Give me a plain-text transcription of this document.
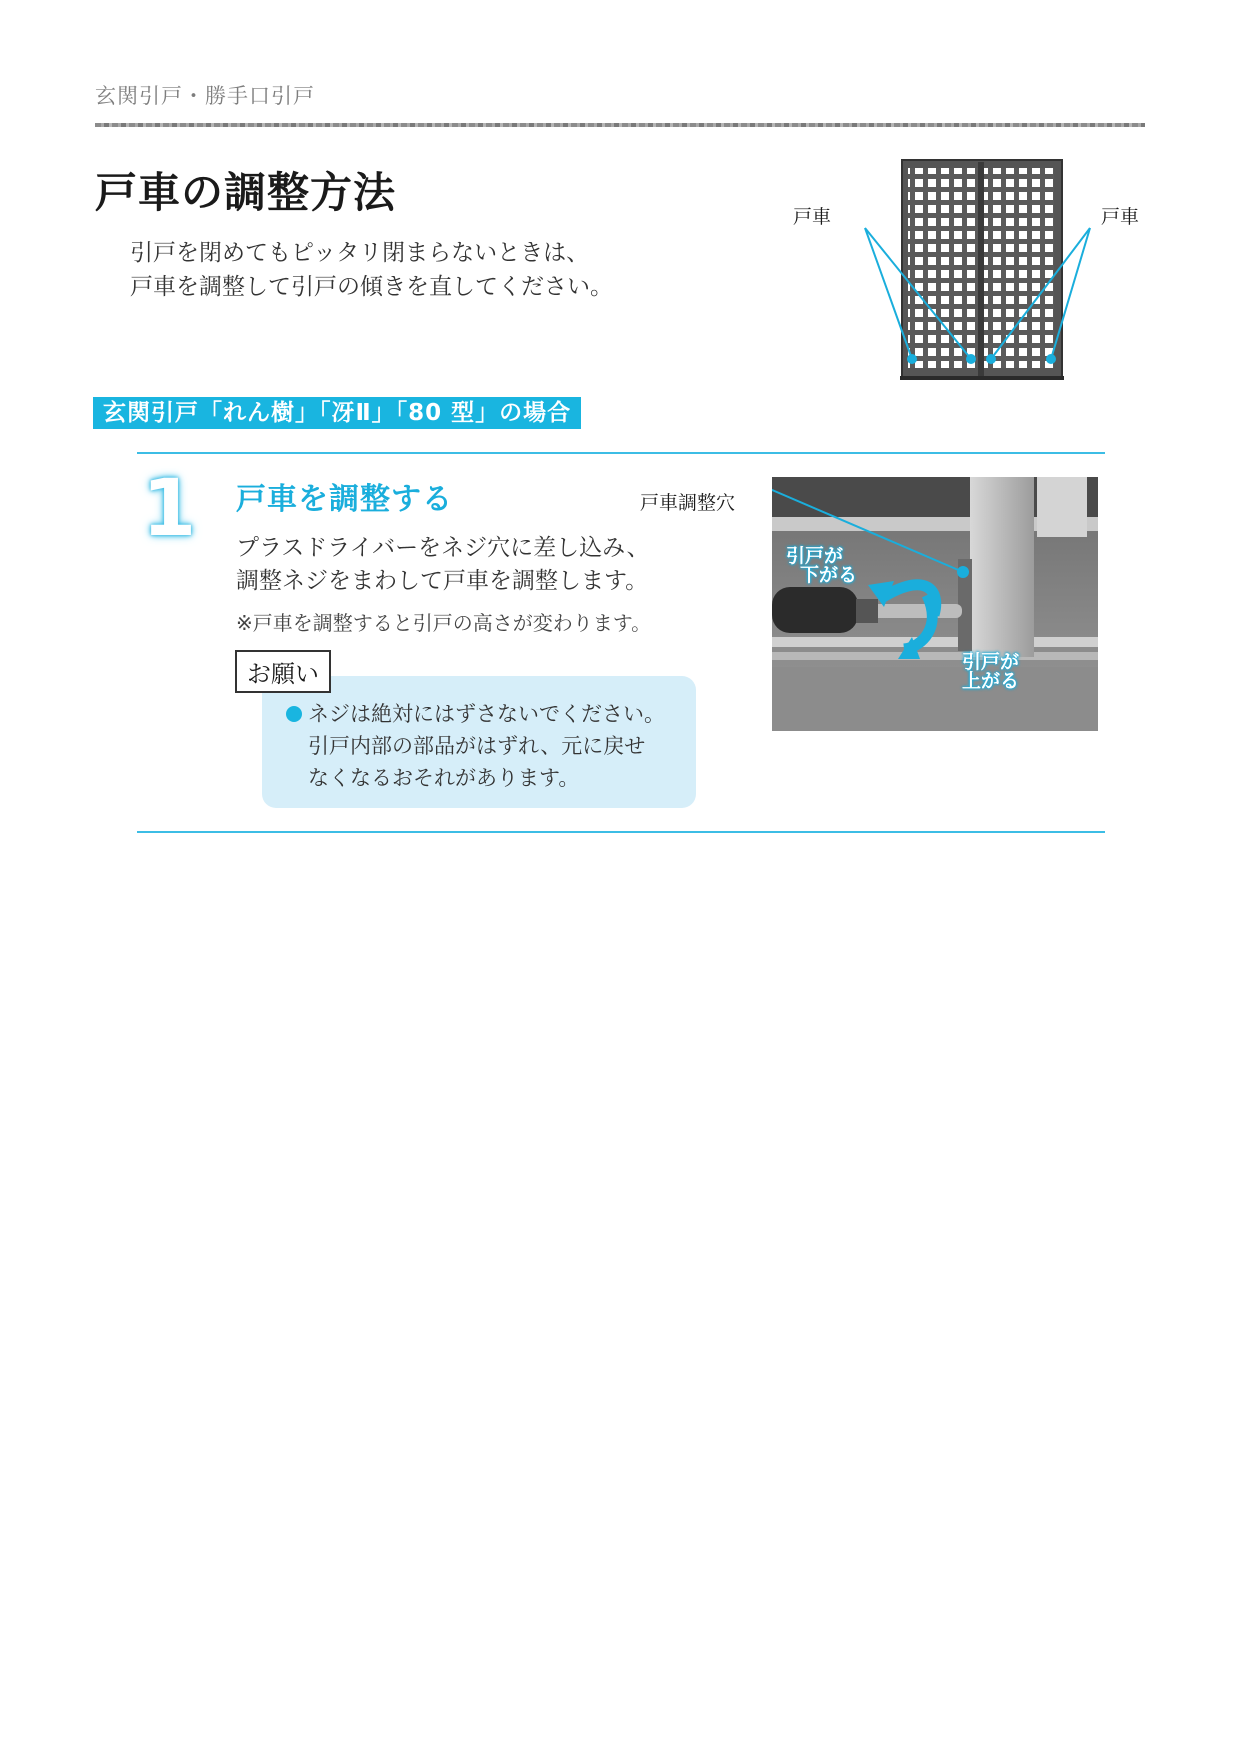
玄関引戸・勝手口引戸
戸車の調整方法
引戸を閉めてもピッタリ閉まらないときは、
戸車を調整して引戸の傾きを直してください。
戸車	戸車
玄関引戸「れん樹」「冴Ⅱ」「80 型」の場合
1 戸車を調整する
プラスドライバーをネジ穴に差し込み、
調整ネジをまわして戸車を調整します。
※戸車を調整すると引戸の高さが変わります。
お願い
ネジは絶対にはずさないでください。
引戸内部の部品がはずれ、元に戻せ
なくなるおそれがあります。
引戸が
下がる
引戸が
上がる
戸車調整穴
